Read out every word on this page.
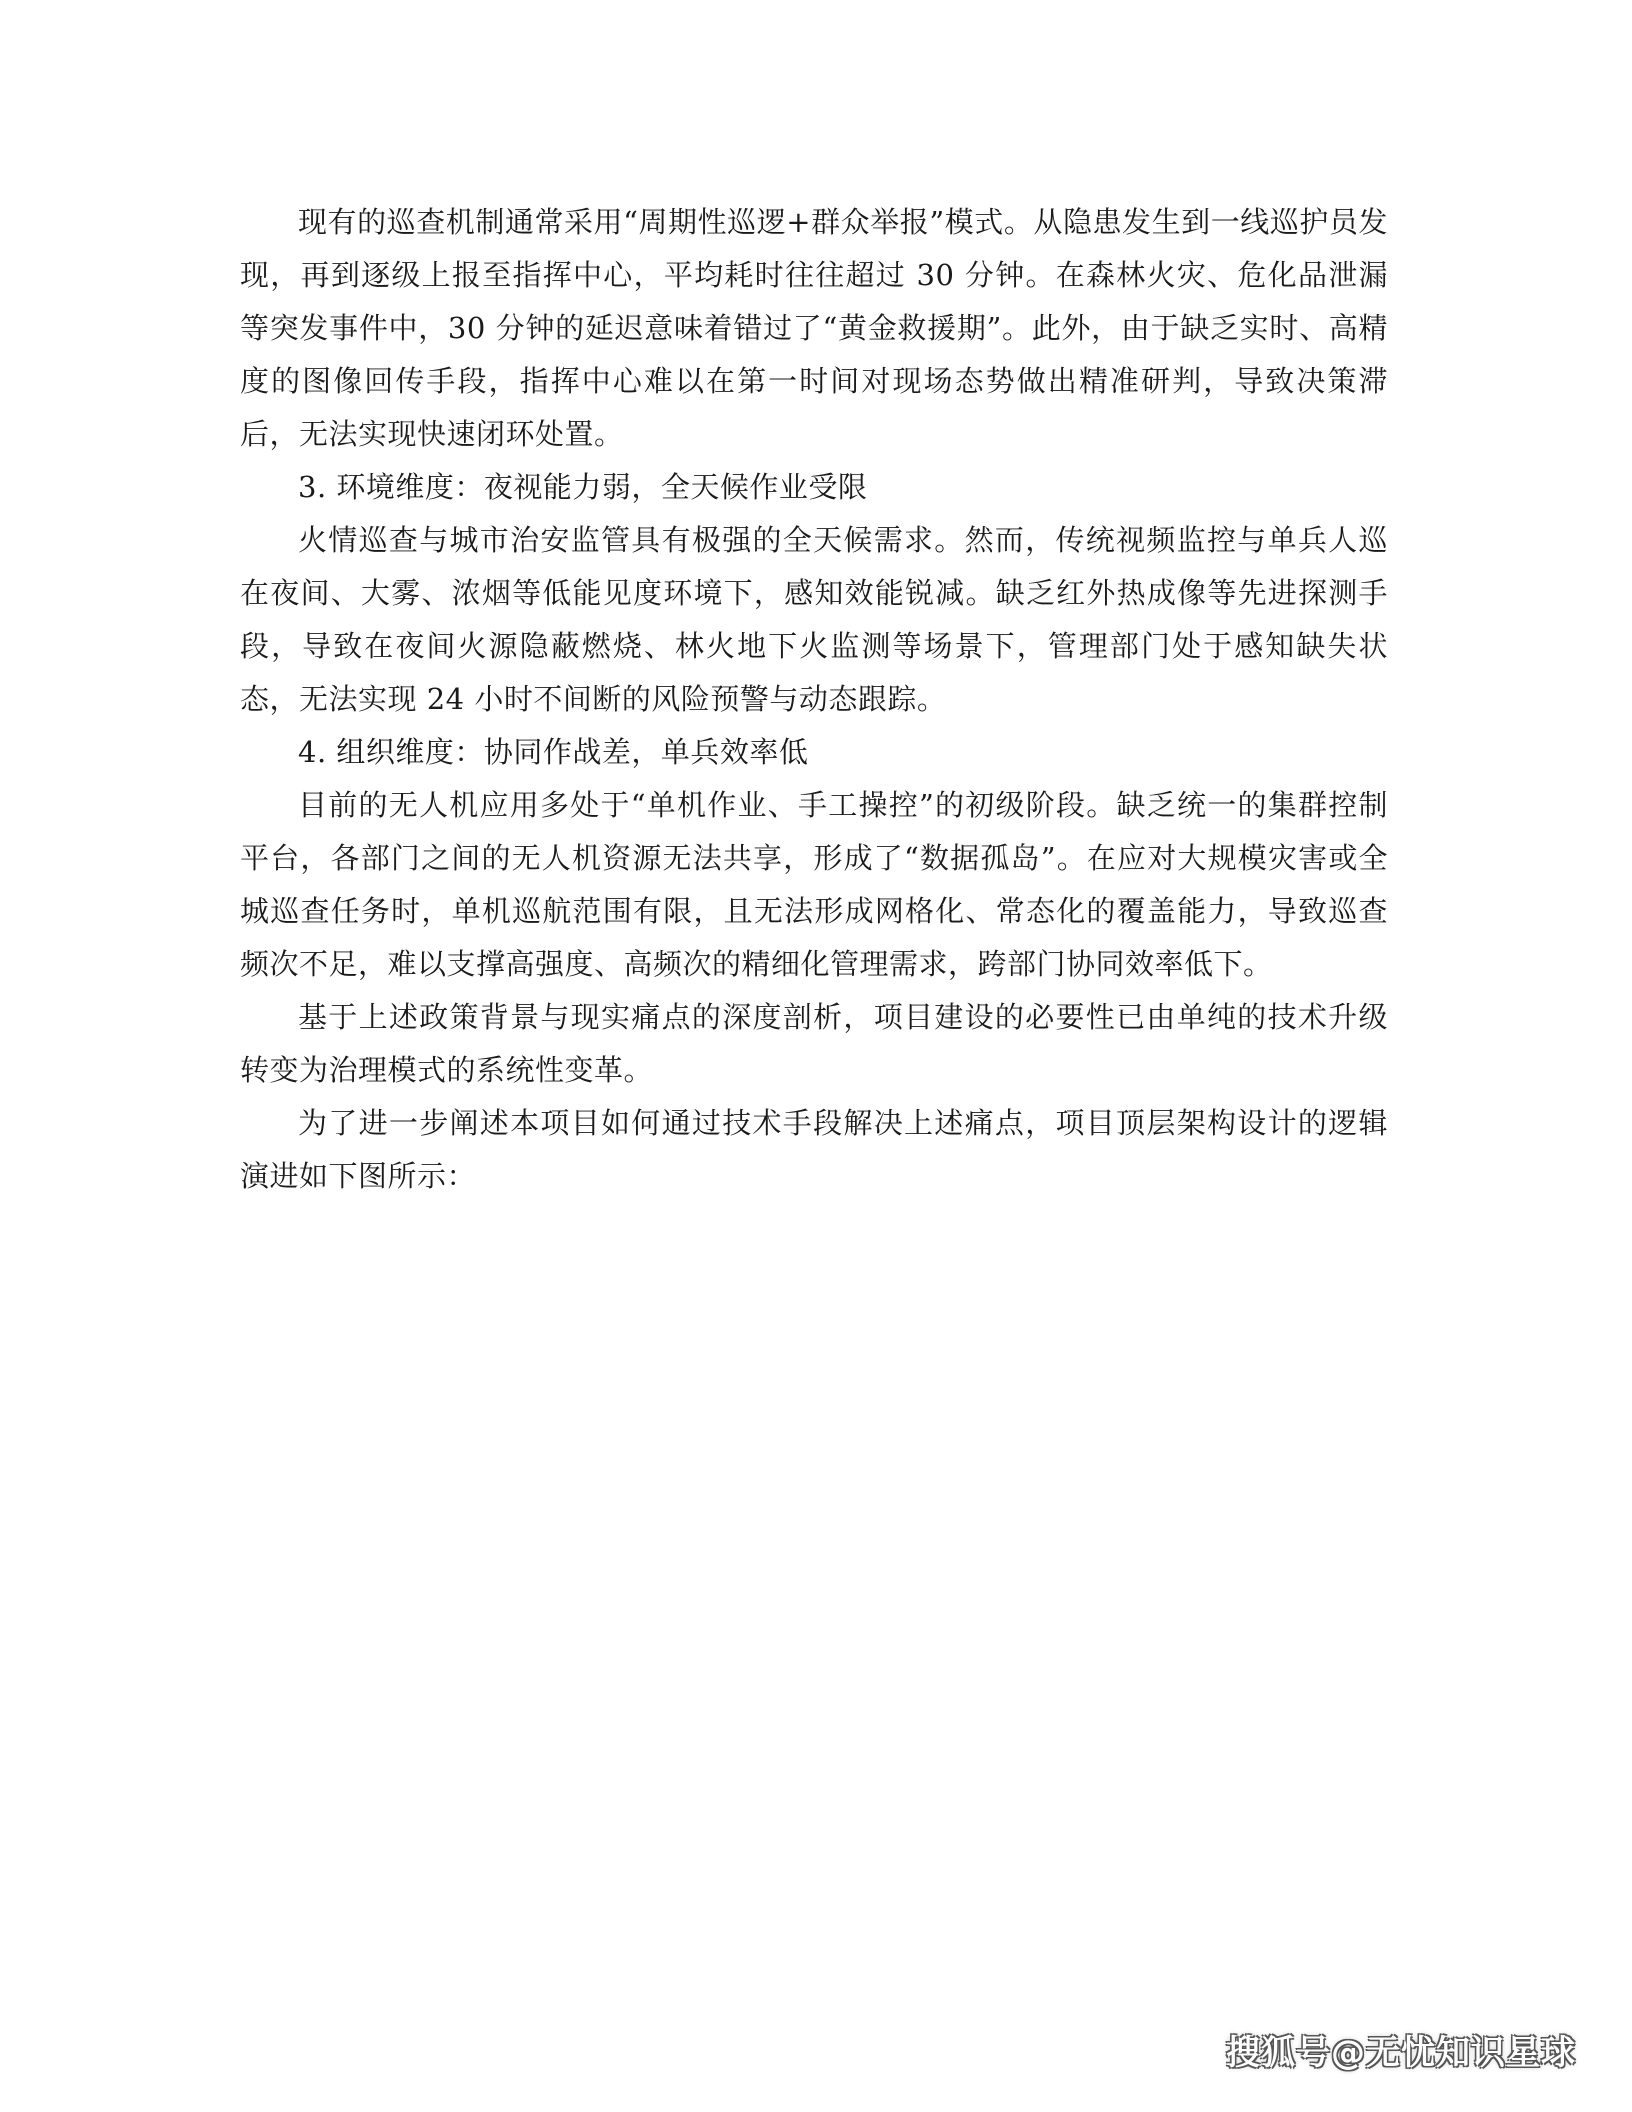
现有的巡查机制通常采用“周期性巡逻+群众举报”模式。从隐患发生到一线巡护员发现，再到逐级上报至指挥中心，平均耗时往往超过 30 分钟。在森林火灾、危化品泄漏等突发事件中，30 分钟的延迟意味着错过了“黄金救援期”。此外，由于缺乏实时、高精度的图像回传手段，指挥中心难以在第一时间对现场态势做出精准研判，导致决策滞后，无法实现快速闭环处置。

3. 环境维度：夜视能力弱，全天候作业受限

火情巡查与城市治安监管具有极强的全天候需求。然而，传统视频监控与单兵人巡在夜间、大雾、浓烟等低能见度环境下，感知效能锐减。缺乏红外热成像等先进探测手段，导致在夜间火源隐蔽燃烧、林火地下火监测等场景下，管理部门处于感知缺失状态，无法实现 24 小时不间断的风险预警与动态跟踪。

4. 组织维度：协同作战差，单兵效率低

目前的无人机应用多处于“单机作业、手工操控”的初级阶段。缺乏统一的集群控制平台，各部门之间的无人机资源无法共享，形成了“数据孤岛”。在应对大规模灾害或全城巡查任务时，单机巡航范围有限，且无法形成网格化、常态化的覆盖能力，导致巡查频次不足，难以支撑高强度、高频次的精细化管理需求，跨部门协同效率低下。

基于上述政策背景与现实痛点的深度剖析，项目建设的必要性已由单纯的技术升级转变为治理模式的系统性变革。

为了进一步阐述本项目如何通过技术手段解决上述痛点，项目顶层架构设计的逻辑演进如下图所示：

搜狐号@无忧知识星球
